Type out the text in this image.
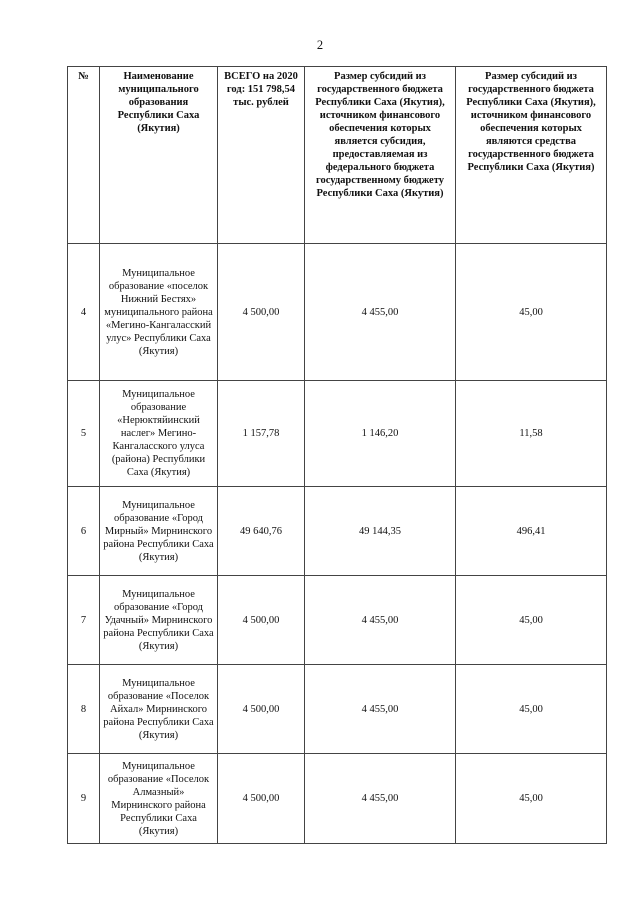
2
№	Наименование муниципального образования Республики Саха (Якутия)	ВСЕГО на 2020 год: 151 798,54 тыс. рублей	Размер субсидий из государственного бюджета Республики Саха (Якутия), источником финансового обеспечения которых является субсидия, предоставляемая из федерального бюджета государственному бюджету Республики Саха (Якутия)	Размер субсидий из государственного бюджета Республики Саха (Якутия), источником финансового обеспечения которых являются средства государственного бюджета Республики Саха (Якутия)
4	Муниципальное образование «поселок Нижний Бестях» муниципального района «Мегино-Кангаласский улус» Республики Саха (Якутия)	4 500,00	4 455,00	45,00
5	Муниципальное образование «Нерюктяйинский наслег» Мегино-Кангаласского улуса (района) Республики Саха (Якутия)	1 157,78	1 146,20	11,58
6	Муниципальное образование «Город Мирный» Мирнинского района Республики Саха (Якутия)	49 640,76	49 144,35	496,41
7	Муниципальное образование «Город Удачный» Мирнинского района Республики Саха (Якутия)	4 500,00	4 455,00	45,00
8	Муниципальное образование «Поселок Айхал» Мирнинского района Республики Саха (Якутия)	4 500,00	4 455,00	45,00
9	Муниципальное образование «Поселок Алмазный» Мирнинского района Республики Саха (Якутия)	4 500,00	4 455,00	45,00
